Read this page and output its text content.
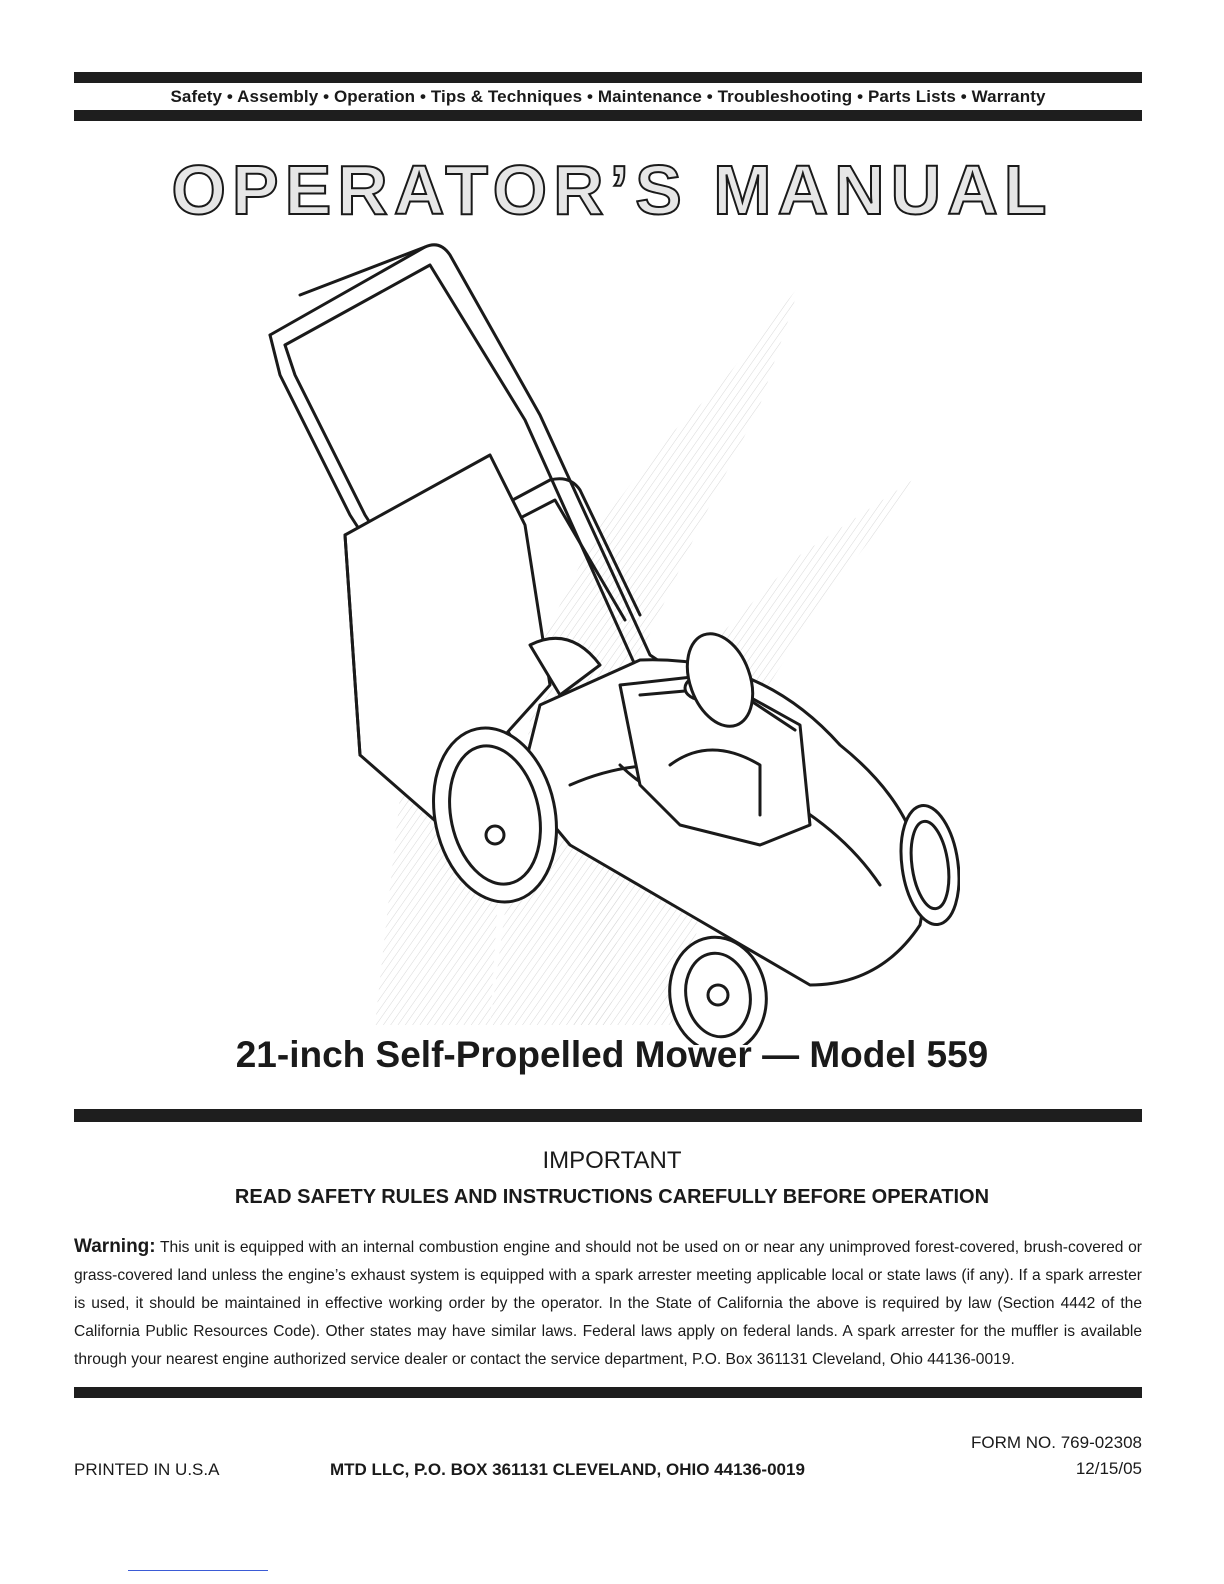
Safety • Assembly • Operation • Tips & Techniques • Maintenance • Troubleshooting • Parts Lists • Warranty
OPERATOR’S MANUAL
21-inch Self-Propelled Mower — Model 559
IMPORTANT
READ SAFETY RULES AND INSTRUCTIONS CAREFULLY BEFORE OPERATION
Warning: This unit is equipped with an internal combustion engine and should not be used on or near any unimproved forest-covered, brush-covered or grass-covered land unless the engine’s exhaust system is equipped with a spark arrester meeting applicable local or state laws (if any). If a spark arrester is used, it should be maintained in effective working order by the operator. In the State of California the above is required by law (Section 4442 of the California Public Resources Code). Other states may have similar laws. Federal laws apply on federal lands. A spark arrester for the muffler is available through your nearest engine authorized service dealer or contact the service department, P.O. Box 361131 Cleveland, Ohio 44136-0019.
PRINTED IN U.S.A	MTD LLC, P.O. BOX 361131 CLEVELAND, OHIO 44136-0019
FORM NO. 769-02308
12/15/05
